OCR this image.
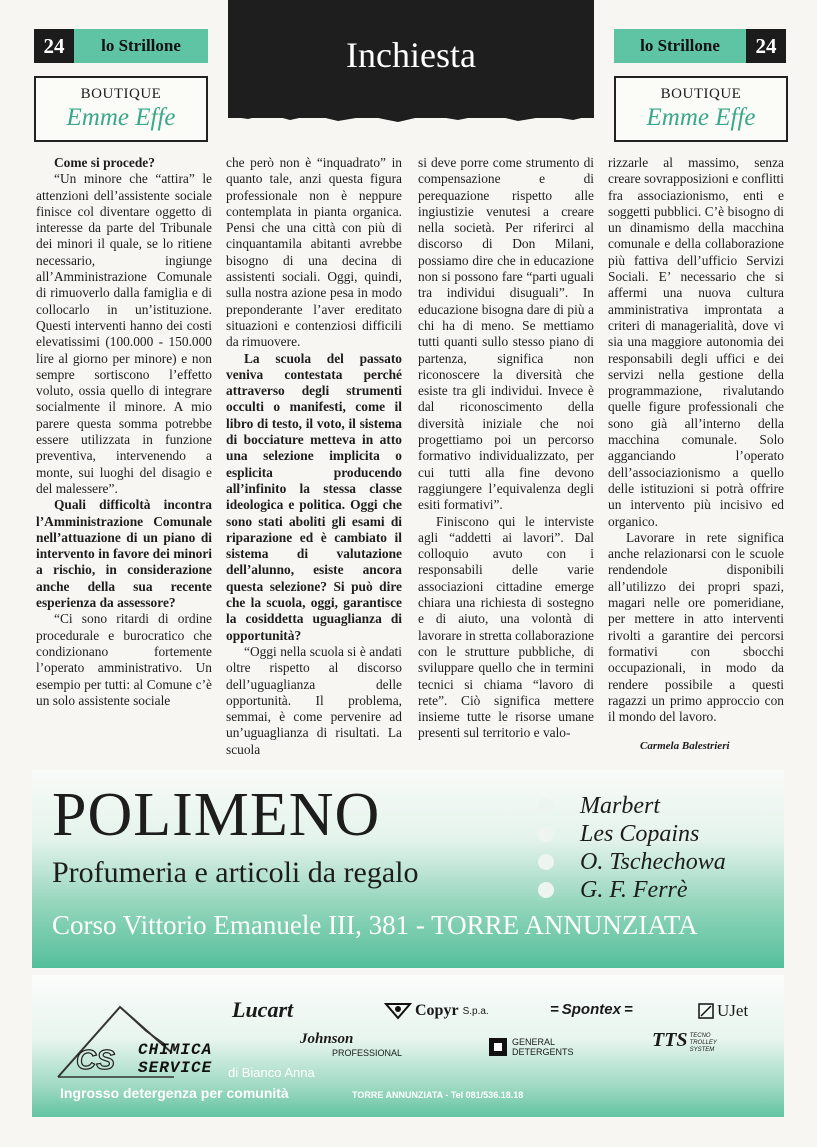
24	lo Strillone	Inchiesta	lo Strillone	24
BOUTIQUE
Emme Effe
BOUTIQUE
Emme Effe

Come si procede?

“Un minore che “attira” le attenzioni dell’assistente sociale finisce col diventare oggetto di interesse da parte del Tribunale dei minori il quale, se lo ritiene necessario, ingiunge all’Amministrazione Comunale di rimuoverlo dalla famiglia e di collocarlo in un’istituzione. Questi interventi hanno dei costi elevatissimi (100.000 - 150.000 lire al giorno per minore) e non sempre sortiscono l’effetto voluto, ossia quello di integrare socialmente il minore. A mio parere questa somma potrebbe essere utilizzata in funzione preventiva, intervenendo a monte, sui luoghi del disagio e del malessere”.

Quali difficoltà incontra l’Amministrazione Comunale nell’attuazione di un piano di intervento in favore dei minori a rischio, in considerazione anche della sua recente esperienza da assessore?

“Ci sono ritardi di ordine procedurale e burocratico che condizionano fortemente l’operato amministrativo. Un esempio per tutti: al Comune c’è un solo assistente sociale

che però non è “inquadrato” in quanto tale, anzi questa figura professionale non è neppure contemplata in pianta organica. Pensi che una città con più di cinquantamila abitanti avrebbe bisogno di una decina di assistenti sociali. Oggi, quindi, sulla nostra azione pesa in modo preponderante l’aver ereditato situazioni e contenziosi difficili da rimuovere.

La scuola del passato veniva contestata perché attraverso degli strumenti occulti o manifesti, come il libro di testo, il voto, il sistema di bocciature metteva in atto una selezione implicita o esplicita producendo all’infinito la stessa classe ideologica e politica. Oggi che sono stati aboliti gli esami di riparazione ed è cambiato il sistema di valutazione dell’alunno, esiste ancora questa selezione? Si può dire che la scuola, oggi, garantisce la cosiddetta uguaglianza di opportunità?

“Oggi nella scuola si è andati oltre rispetto al discorso dell’uguaglianza delle opportunità. Il problema, semmai, è come pervenire ad un’uguaglianza di risultati. La scuola

si deve porre come strumento di compensazione e di perequazione rispetto alle ingiustizie venutesi a creare nella società. Per riferirci al discorso di Don Milani, possiamo dire che in educazione non si possono fare “parti uguali tra individui disuguali”. In educazione bisogna dare di più a chi ha di meno. Se mettiamo tutti quanti sullo stesso piano di partenza, significa non riconoscere la diversità che esiste tra gli individui. Invece è dal riconoscimento della diversità iniziale che noi progettiamo poi un percorso formativo individualizzato, per cui tutti alla fine devono raggiungere l’equivalenza degli esiti formativi”.

Finiscono qui le interviste agli “addetti ai lavori”. Dal colloquio avuto con i responsabili delle varie associazioni cittadine emerge chiara una richiesta di sostegno e di aiuto, una volontà di lavorare in stretta collaborazione con le strutture pubbliche, di sviluppare quello che in termini tecnici si chiama “lavoro di rete”. Ciò significa mettere insieme tutte le risorse umane presenti sul territorio e valo-

rizzarle al massimo, senza creare sovrapposizioni e conflitti fra associazionismo, enti e soggetti pubblici. C’è bisogno di un dinamismo della macchina comunale e della collaborazione più fattiva dell’ufficio Servizi Sociali. E’ necessario che si affermi una nuova cultura amministrativa improntata a criteri di managerialità, dove vi sia una maggiore autonomia dei responsabili degli uffici e dei servizi nella gestione della programmazione, rivalutando quelle figure professionali che sono già all’interno della macchina comunale. Solo agganciando l’operato dell’associazionismo a quello delle istituzioni si potrà offrire un intervento più incisivo ed organico.

Lavorare in rete significa anche relazionarsi con le scuole rendendole disponibili all’utilizzo dei propri spazi, magari nelle ore pomeridiane, per mettere in atto interventi rivolti a garantire dei percorsi formativi con sbocchi occupazionali, in modo da rendere possibile a questi ragazzi un primo approccio con il mondo del lavoro.

Carmela Balestrieri
POLIMENO
Profumeria e articoli da regalo
Corso Vittorio Emanuele III, 381 - TORRE ANNUNZIATA
Marbert
Les Copains
O. Tschechowa
G. F. Ferrè
CS CHIMICA
SERVICE di Bianco Anna
Ingrosso detergenza per comunità	TORRE ANNUNZIATA - Tel 081/536.18.18
Lucart	Copyr S.p.a.	= Spontex =	UJet
Johnson
PROFESSIONAL
GENERAL
DETERGENTS
TTS TECNO
TROLLEY
SYSTEM
